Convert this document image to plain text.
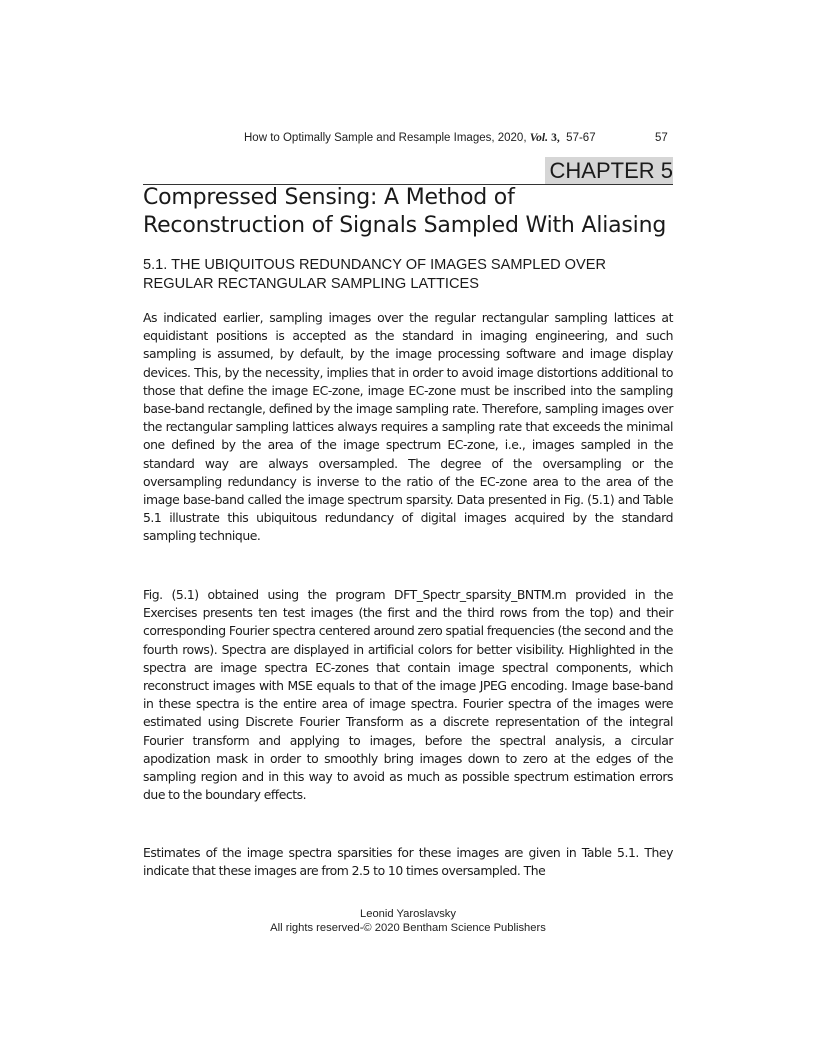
How to Optimally Sample and Resample Images, 2020, Vol. 3, 57-67	57
CHAPTER 5
Compressed Sensing: A Method of Reconstruction of Signals Sampled With Aliasing
5.1. THE UBIQUITOUS REDUNDANCY OF IMAGES SAMPLED OVER REGULAR RECTANGULAR SAMPLING LATTICES

As indicated earlier, sampling images over the regular rectangular sampling lattices at equidistant positions is accepted as the standard in imaging engineering, and such sampling is assumed, by default, by the image processing software and image display devices. This, by the necessity, implies that in order to avoid image distortions additional to those that define the image EC-zone, image EC-zone must be inscribed into the sampling base-band rectangle, defined by the image sampling rate. Therefore, sampling images over the rectangular sampling lattices always requires a sampling rate that exceeds the minimal one defined by the area of the image spectrum EC-zone, i.e., images sampled in the standard way are always oversampled. The degree of the oversampling or the oversampling redundancy is inverse to the ratio of the EC-zone area to the area of the image base-band called the image spectrum sparsity. Data presented in Fig. (5.1) and Table 5.1 illustrate this ubiquitous redundancy of digital images acquired by the standard sampling technique.

Fig. (5.1) obtained using the program DFT_Spectr_sparsity_BNTM.m provided in the Exercises presents ten test images (the first and the third rows from the top) and their corresponding Fourier spectra centered around zero spatial frequencies (the second and the fourth rows). Spectra are displayed in artificial colors for better visibility. Highlighted in the spectra are image spectra EC-zones that contain image spectral components, which reconstruct images with MSE equals to that of the image JPEG encoding. Image base-band in these spectra is the entire area of image spectra. Fourier spectra of the images were estimated using Discrete Fourier Transform as a discrete representation of the integral Fourier transform and applying to images, before the spectral analysis, a circular apodization mask in order to smoothly bring images down to zero at the edges of the sampling region and in this way to avoid as much as possible spectrum estimation errors due to the boundary effects.

Estimates of the image spectra sparsities for these images are given in Table 5.1. They indicate that these images are from 2.5 to 10 times oversampled. The

Leonid Yaroslavsky
All rights reserved-© 2020 Bentham Science Publishers
